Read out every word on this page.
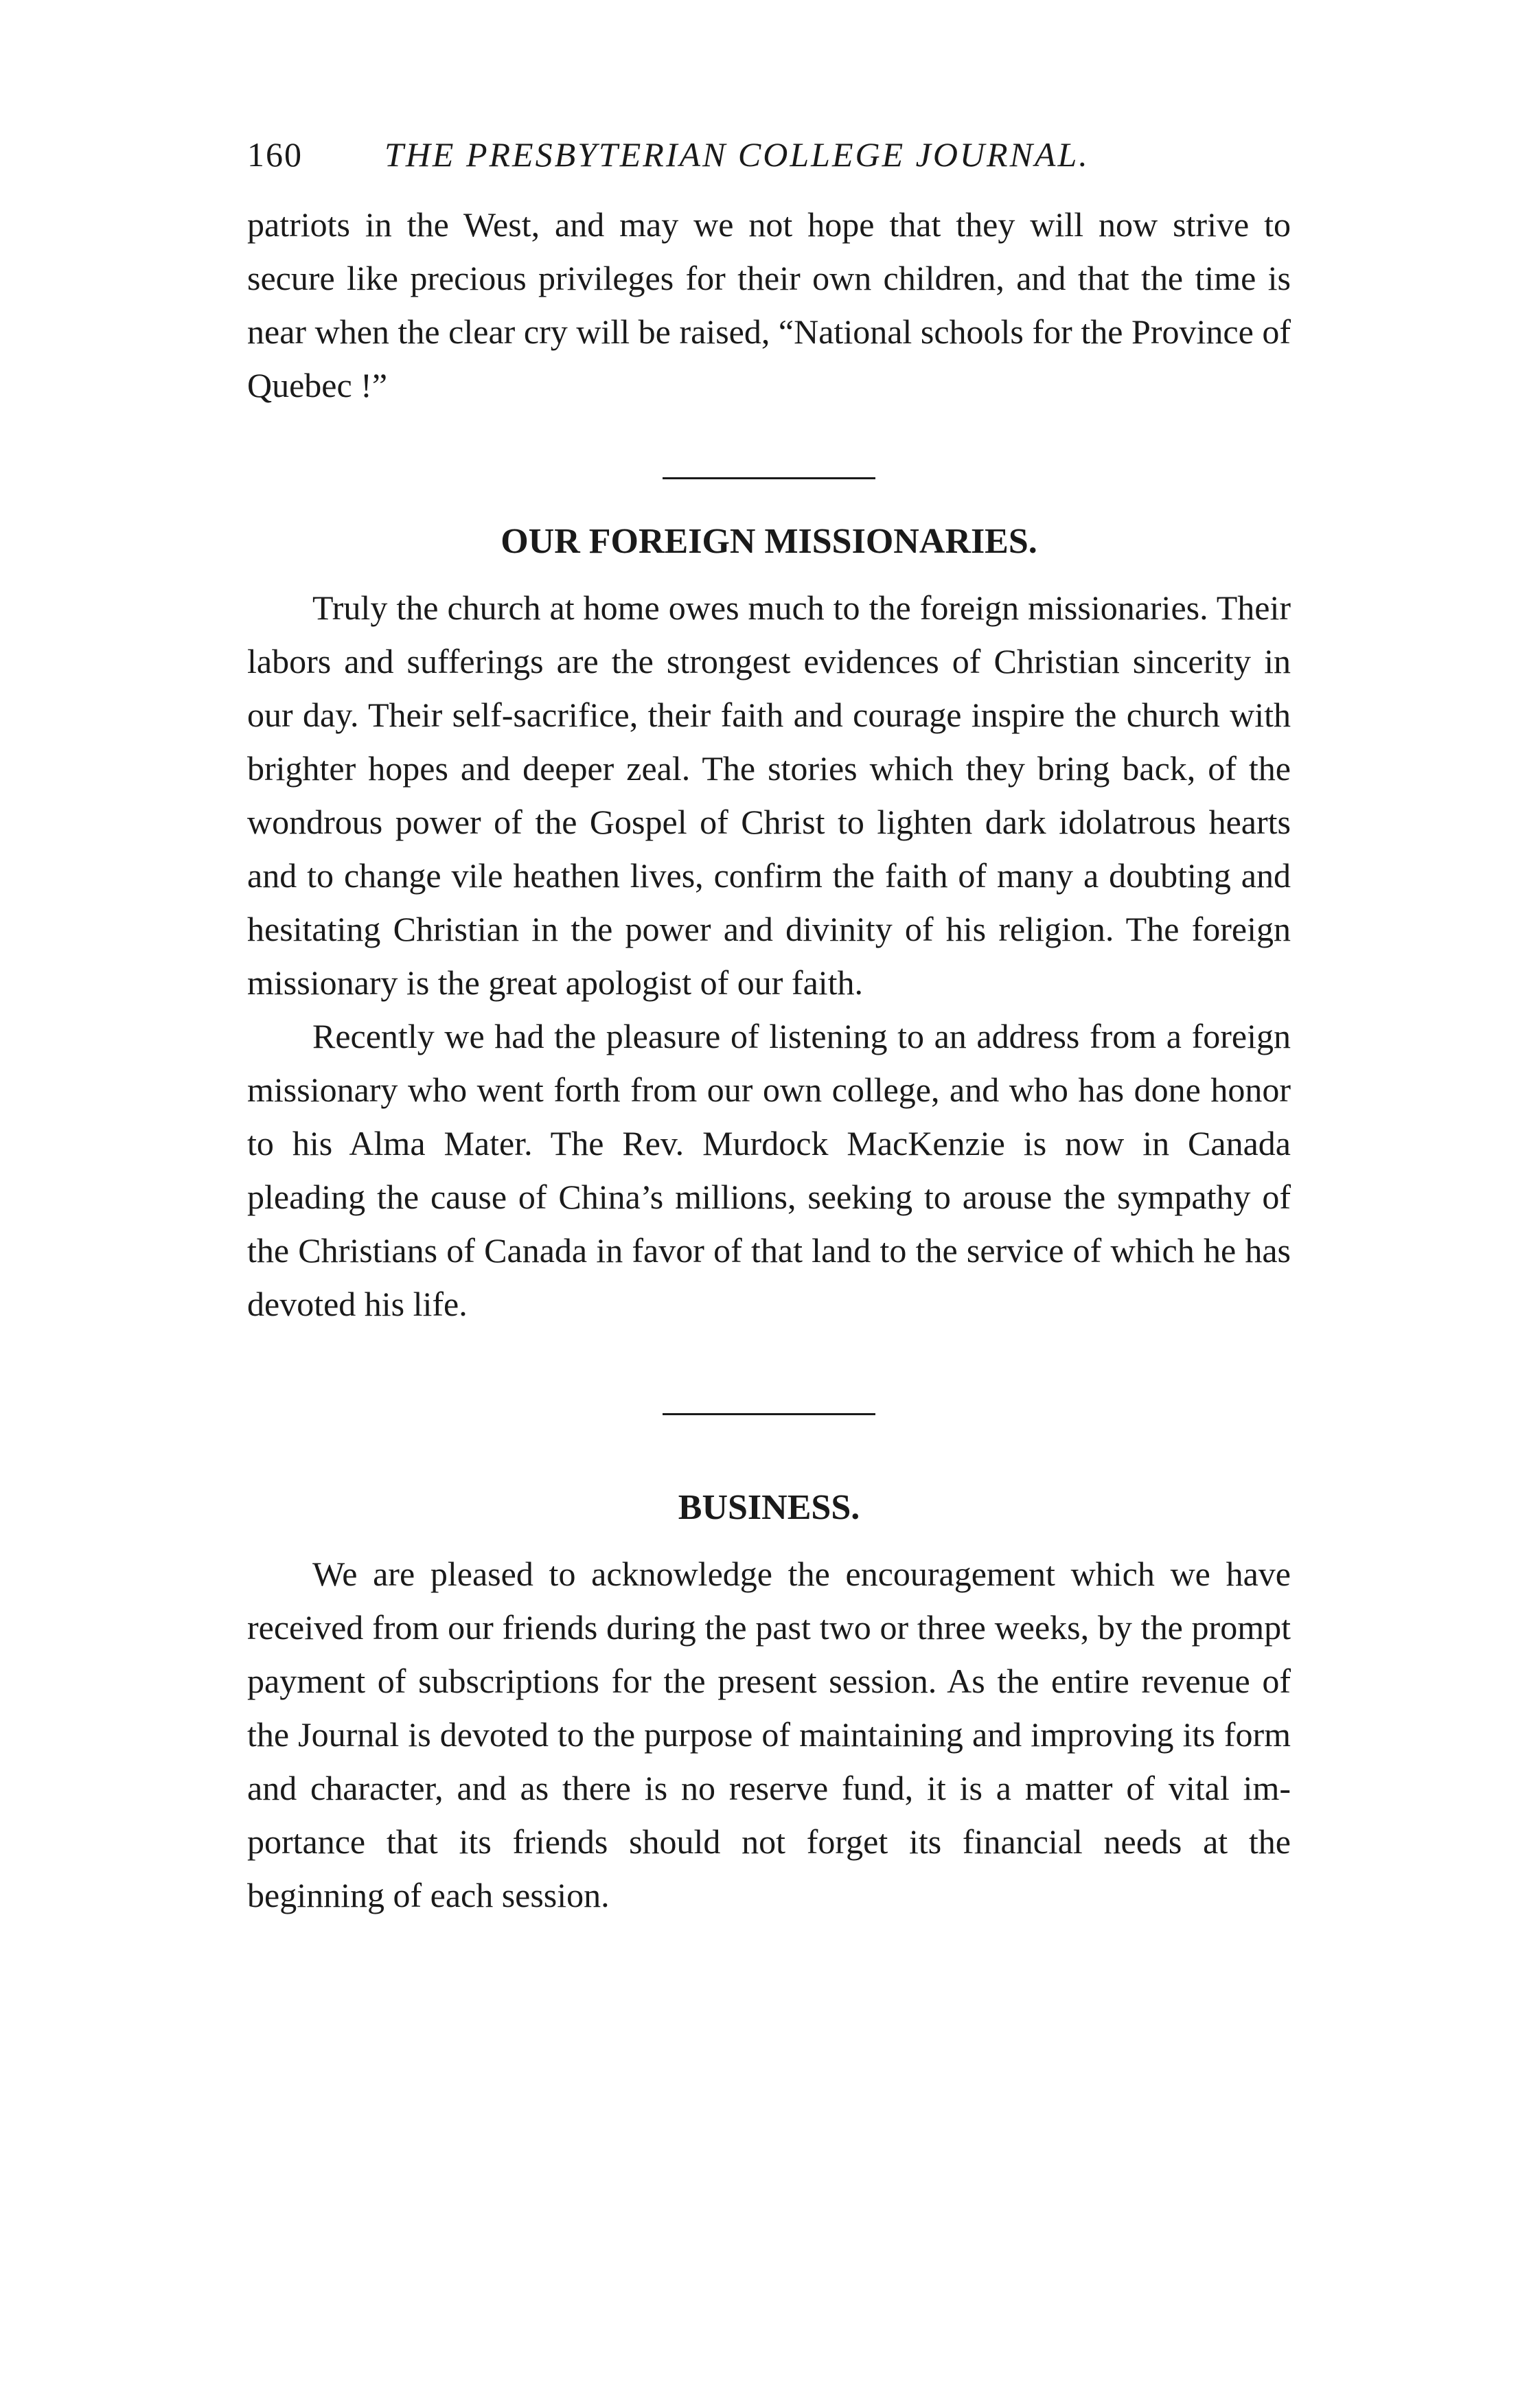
160 THE PRESBYTERIAN COLLEGE JOURNAL.

patriots in the West, and may we not hope that they will now strive to secure like precious privileges for their own children, and that the time is near when the clear cry will be raised, “National schools for the Province of Quebec !”

OUR FOREIGN MISSIONARIES.

Truly the church at home owes much to the foreign missionaries. Their labors and sufferings are the strongest evidences of Christian sincerity in our day. Their self-sacrifice, their faith and courage inspire the church with brighter hopes and deeper zeal. The stories which they bring back, of the wondrous power of the Gospel of Christ to lighten dark idolatrous hearts and to change vile heathen lives, confirm the faith of many a doubting and hesitating Christian in the power and divinity of his religion. The foreign missionary is the great apologist of our faith.

Recently we had the pleasure of listening to an address from a foreign missionary who went forth from our own college, and who has done honor to his Alma Mater. The Rev. Murdock MacKenzie is now in Canada pleading the cause of China’s millions, seeking to arouse the sympathy of the Christians of Canada in favor of that land to the service of which he has devoted his life.

BUSINESS.

We are pleased to acknowledge the encouragement which we have received from our friends during the past two or three weeks, by the prompt payment of subscriptions for the present session. As the entire revenue of the Journal is devoted to the purpose of maintaining and improving its form and character, and as there is no reserve fund, it is a matter of vital importance that its friends should not forget its financial needs at the beginning of each session.
